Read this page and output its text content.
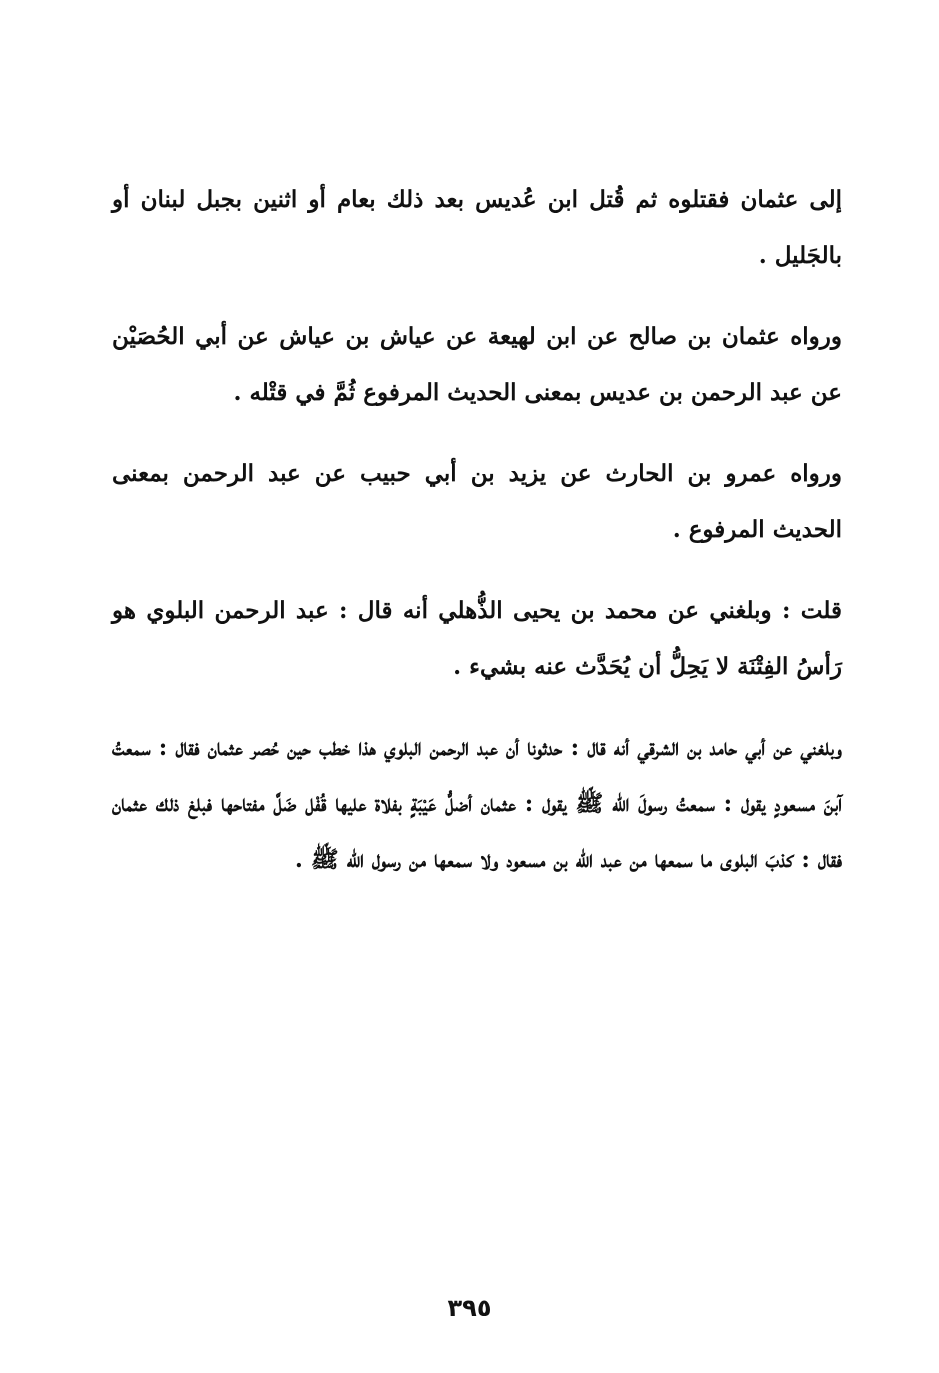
إلى عثمان فقتلوه ثم قُتل ابن عُديس بعد ذلك بعام أو اثنين بجبل لبنان أو بالجَليل .

ورواه عثمان بن صالح عن ابن لهيعة عن عياش بن عياش عن أبي الحُصَيْن عن عبد الرحمن بن عديس بمعنى الحديث المرفوع ثُمَّ في قتْله .

ورواه عمرو بن الحارث عن يزيد بن أبي حبيب عن عبد الرحمن بمعنى الحديث المرفوع .

قلت : وبلغني عن محمد بن يحيى الذُّهلي أنه قال : عبد الرحمن البلوي هو رَأسُ الفِتْنَة لا يَحِلُّ أن يُحَدَّث عنه بشيء .

وبلغني عن أبي حامد بن الشرقي أنه قال : حدثونا أن عبد الرحمن البلوي هذا خطب حين حُصر عثمان فقال : سمعتُ آبنَ مسعودٍ يقول : سمعتُ رسولَ الله ﷺ يقول : عثمان أضلُّ عَيْبَةٍ بفلاة عليها قُفْل ضَلَّ مفتاحها فبلغ ذلك عثمان فقال : كذبَ البلوى ما سمعها من عبد الله بن مسعود ولا سمعها من رسول الله ﷺ .

٣٩٥
